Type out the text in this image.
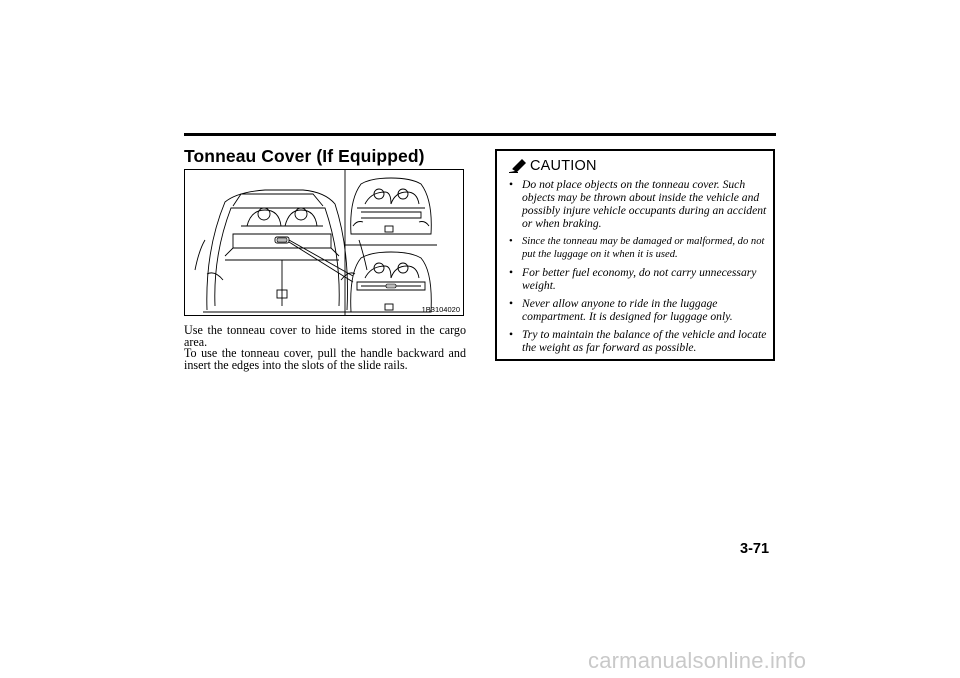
Tonneau Cover (If Equipped)
1B3104020

Use the tonneau cover to hide items stored in the cargo area.

To use the tonneau cover, pull the handle backward and insert the edges into the slots of the slide rails.

CAUTION
• Do not place objects on the tonneau cover. Such objects may be thrown about inside the vehicle and possibly injure vehicle occupants during an accident or when braking.
• Since the tonneau may be damaged or malformed, do not put the luggage on it when it is used.
• For better fuel economy, do not carry unnecessary weight.
• Never allow anyone to ride in the luggage compartment. It is designed for luggage only.
• Try to maintain the balance of the vehicle and locate the weight as far forward as possible.
3-71
carmanualsonline.info
